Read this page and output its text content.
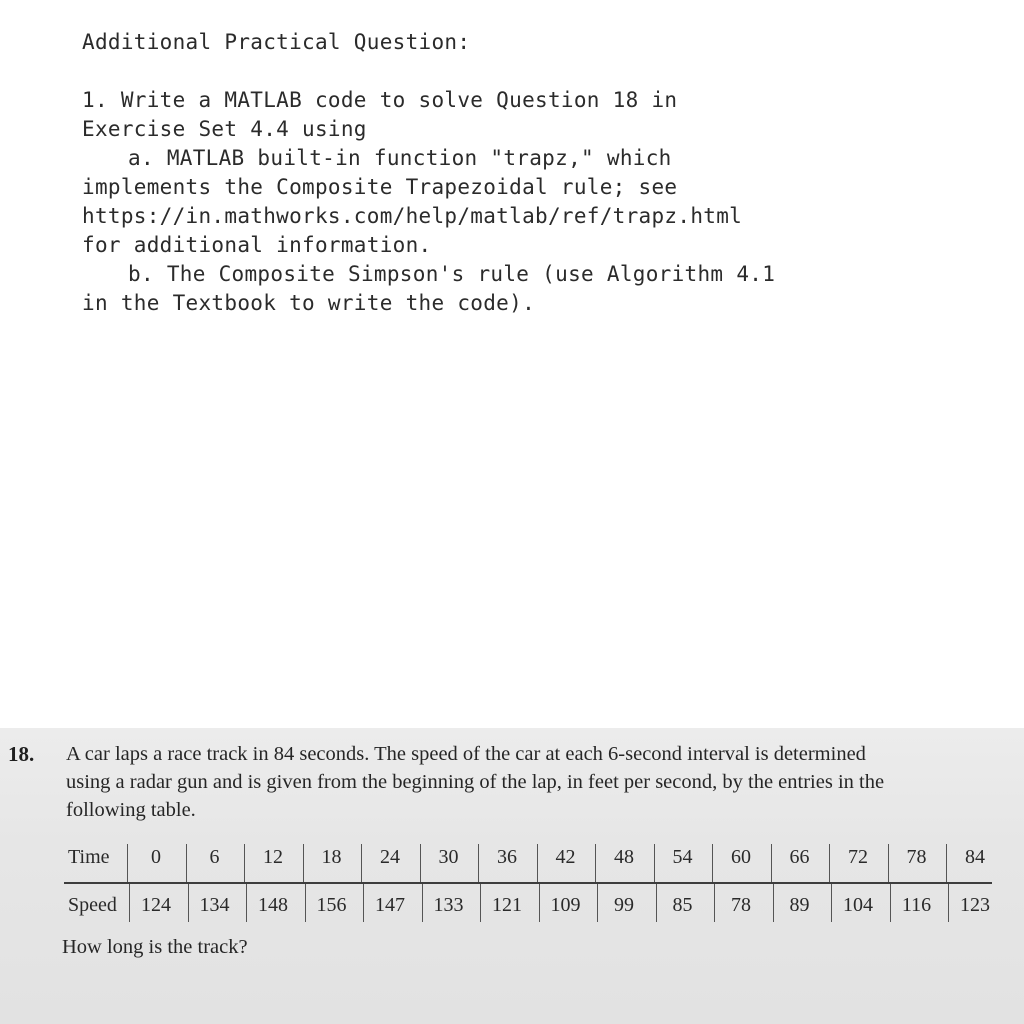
Additional Practical Question:
1. Write a MATLAB code to solve Question 18 in
Exercise Set 4.4 using
a. MATLAB built-in function "trapz," which
implements the Composite Trapezoidal rule; see
https://in.mathworks.com/help/matlab/ref/trapz.html
for additional information.
b. The Composite Simpson's rule (use Algorithm 4.1
in the Textbook to write the code).
18. A car laps a race track in 84 seconds. The speed of the car at each 6-second interval is determined
using a radar gun and is given from the beginning of the lap, in feet per second, by the entries in the
following table.
Time	0	6	12	18	24	30	36	42	48	54	60	66	72	78	84
Speed	124	134	148	156	147	133	121	109	99	85	78	89	104	116	123
How long is the track?
